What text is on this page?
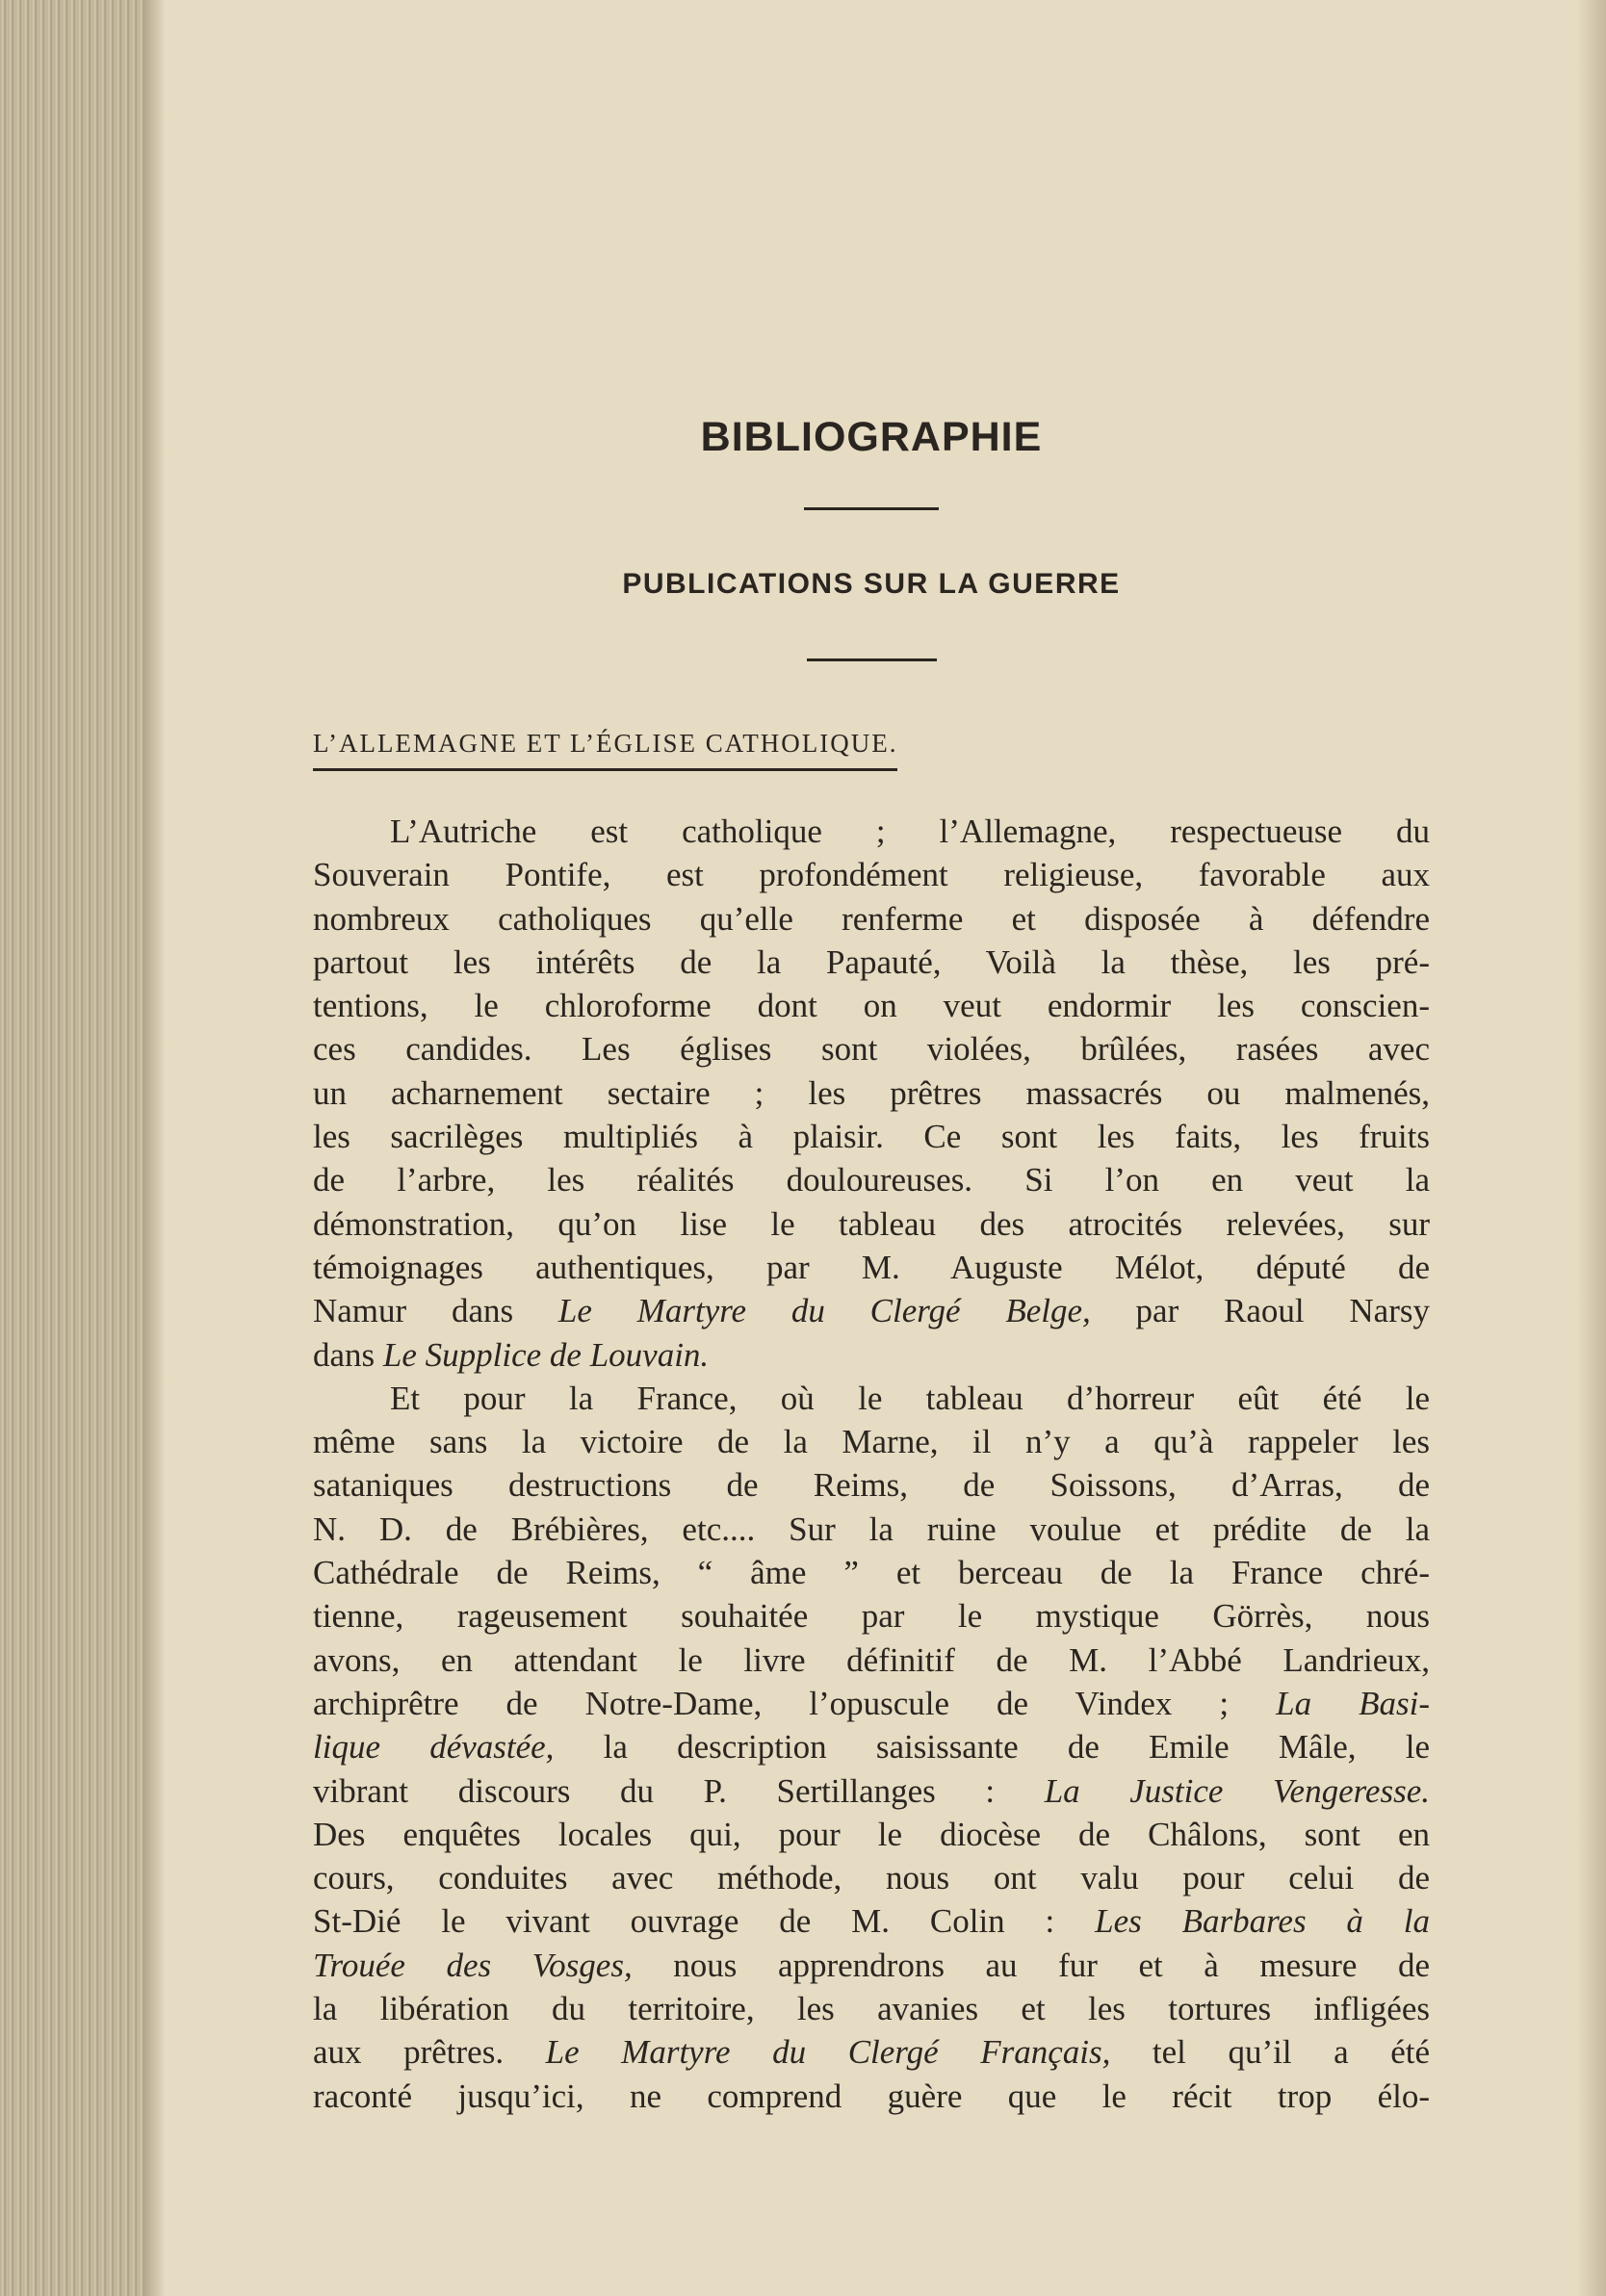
BIBLIOGRAPHIE
PUBLICATIONS SUR LA GUERRE
L’ALLEMAGNE ET L’ÉGLISE CATHOLIQUE.
L’Autriche est catholique ; l’Allemagne, respectueuse du
Souverain Pontife, est profondément religieuse, favorable aux
nombreux catholiques qu’elle renferme et disposée à défendre
partout les intérêts de la Papauté, Voilà la thèse, les pré-
tentions, le chloroforme dont on veut endormir les conscien-
ces candides. Les églises sont violées, brûlées, rasées avec
un acharnement sectaire ; les prêtres massacrés ou malmenés,
les sacrilèges multipliés à plaisir. Ce sont les faits, les fruits
de l’arbre, les réalités douloureuses. Si l’on en veut la
démonstration, qu’on lise le tableau des atrocités relevées, sur
témoignages authentiques, par M. Auguste Mélot, député de
Namur dans Le Martyre du Clergé Belge, par Raoul Narsy
dans Le Supplice de Louvain.
Et pour la France, où le tableau d’horreur eût été le
même sans la victoire de la Marne, il n’y a qu’à rappeler les
sataniques destructions de Reims, de Soissons, d’Arras, de
N. D. de Brébières, etc.... Sur la ruine voulue et prédite de la
Cathédrale de Reims, “ âme ” et berceau de la France chré-
tienne, rageusement souhaitée par le mystique Görrès, nous
avons, en attendant le livre définitif de M. l’Abbé Landrieux,
archiprêtre de Notre-Dame, l’opuscule de Vindex ; La Basi-
lique dévastée, la description saisissante de Emile Mâle, le
vibrant discours du P. Sertillanges : La Justice Vengeresse.
Des enquêtes locales qui, pour le diocèse de Châlons, sont en
cours, conduites avec méthode, nous ont valu pour celui de
St-Dié le vivant ouvrage de M. Colin : Les Barbares à la
Trouée des Vosges, nous apprendrons au fur et à mesure de
la libération du territoire, les avanies et les tortures infligées
aux prêtres. Le Martyre du Clergé Français, tel qu’il a été
raconté jusqu’ici, ne comprend guère que le récit trop élo-
